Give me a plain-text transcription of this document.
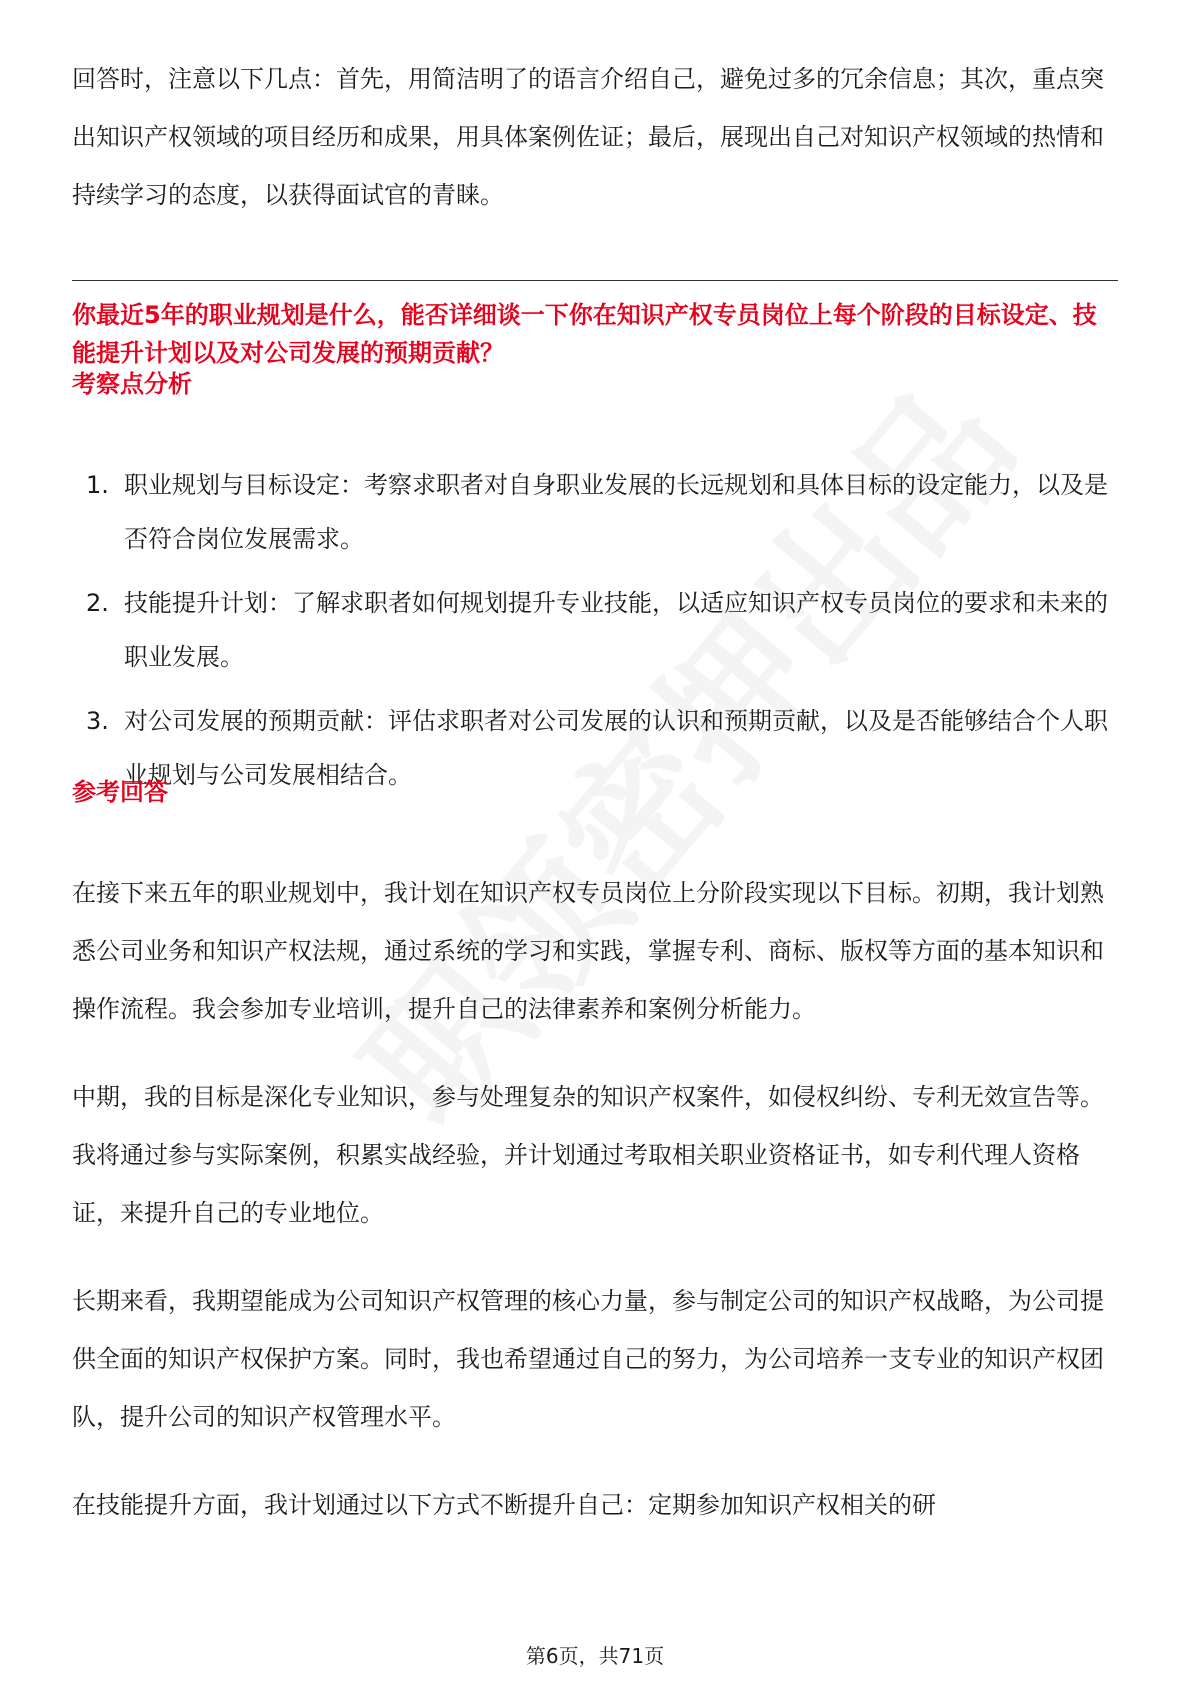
回答时，注意以下几点：首先，用简洁明了的语言介绍自己，避免过多的冗余信息；其次，重点突出知识产权领域的项目经历和成果，用具体案例佐证；最后，展现出自己对知识产权领域的热情和持续学习的态度，以获得面试官的青睐。

你最近5年的职业规划是什么，能否详细谈一下你在知识产权专员岗位上每个阶段的目标设定、技能提升计划以及对公司发展的预期贡献？

考察点分析

1. 职业规划与目标设定：考察求职者对自身职业发展的长远规划和具体目标的设定能力，以及是否符合岗位发展需求。
2. 技能提升计划：了解求职者如何规划提升专业技能，以适应知识产权专员岗位的要求和未来的职业发展。
3. 对公司发展的预期贡献：评估求职者对公司发展的认识和预期贡献，以及是否能够结合个人职业规划与公司发展相结合。

参考回答

在接下来五年的职业规划中，我计划在知识产权专员岗位上分阶段实现以下目标。初期，我计划熟悉公司业务和知识产权法规，通过系统的学习和实践，掌握专利、商标、版权等方面的基本知识和操作流程。我会参加专业培训，提升自己的法律素养和案例分析能力。

中期，我的目标是深化专业知识，参与处理复杂的知识产权案件，如侵权纠纷、专利无效宣告等。我将通过参与实际案例，积累实战经验，并计划通过考取相关职业资格证书，如专利代理人资格证，来提升自己的专业地位。

长期来看，我期望能成为公司知识产权管理的核心力量，参与制定公司的知识产权战略，为公司提供全面的知识产权保护方案。同时，我也希望通过自己的努力，为公司培养一支专业的知识产权团队，提升公司的知识产权管理水平。

在技能提升方面，我计划通过以下方式不断提升自己：定期参加知识产权相关的研

第6页，共71页
